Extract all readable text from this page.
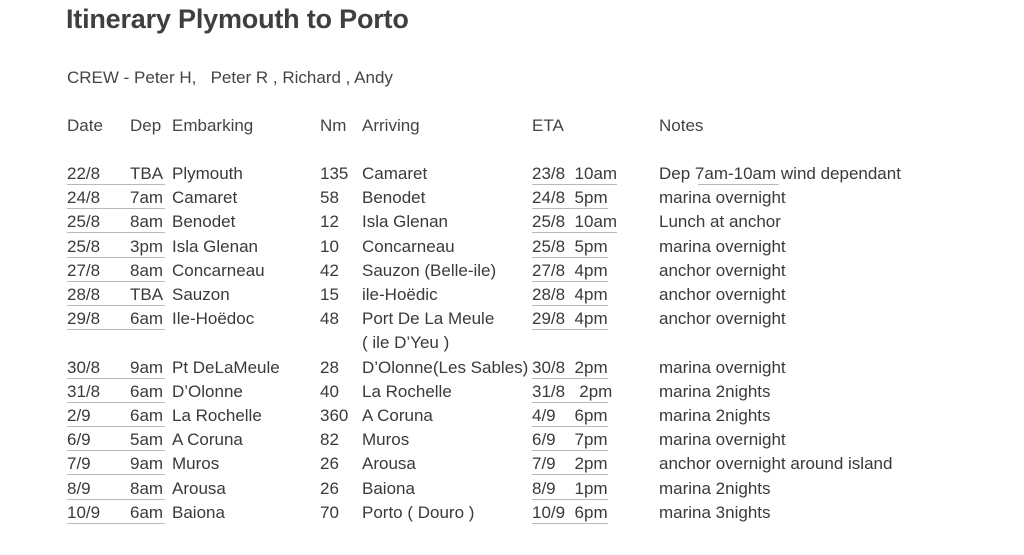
Itinerary Plymouth to Porto
CREW - Peter H,   Peter R , Richard , Andy
Date Dep Embarking	Nm Arriving	ETA	Notes
22/8 TBA Plymouth	135 Camaret	23/8  10am Dep 7am-10am wind dependant
24/8 7am Camaret	58 Benodet	24/8  5pm	marina overnight
25/8 8am Benodet	12 Isla Glenan	25/8  10am Lunch at anchor
25/8 3pm Isla Glenan	10 Concarneau	25/8  5pm	marina overnight
27/8 8am Concarneau	42 Sauzon (Belle-ile) 27/8  4pm	anchor overnight
28/8 TBA Sauzon	15 ile-Hoëdic	28/8  4pm	anchor overnight
29/8 6am Ile-Hoëdoc	48 Port De La Meule 29/8  4pm	anchor overnight
( ile D’Yeu )
30/8 9am Pt DeLaMeule 28 D’Olonne(Les Sables) 30/8  2pm	marina overnight
31/8 6am D’Olonne	40 La Rochelle	31/8   2pm	marina 2nights
2/9 6am La Rochelle	360 A Coruna	4/9    6pm	marina 2nights
6/9 5am A Coruna	82 Muros	6/9    7pm	marina overnight
7/9 9am Muros	26 Arousa	7/9    2pm	anchor overnight around island
8/9 8am Arousa	26 Baiona	8/9    1pm	marina 2nights
10/9 6am Baiona	70 Porto ( Douro )	10/9  6pm	marina 3nights
